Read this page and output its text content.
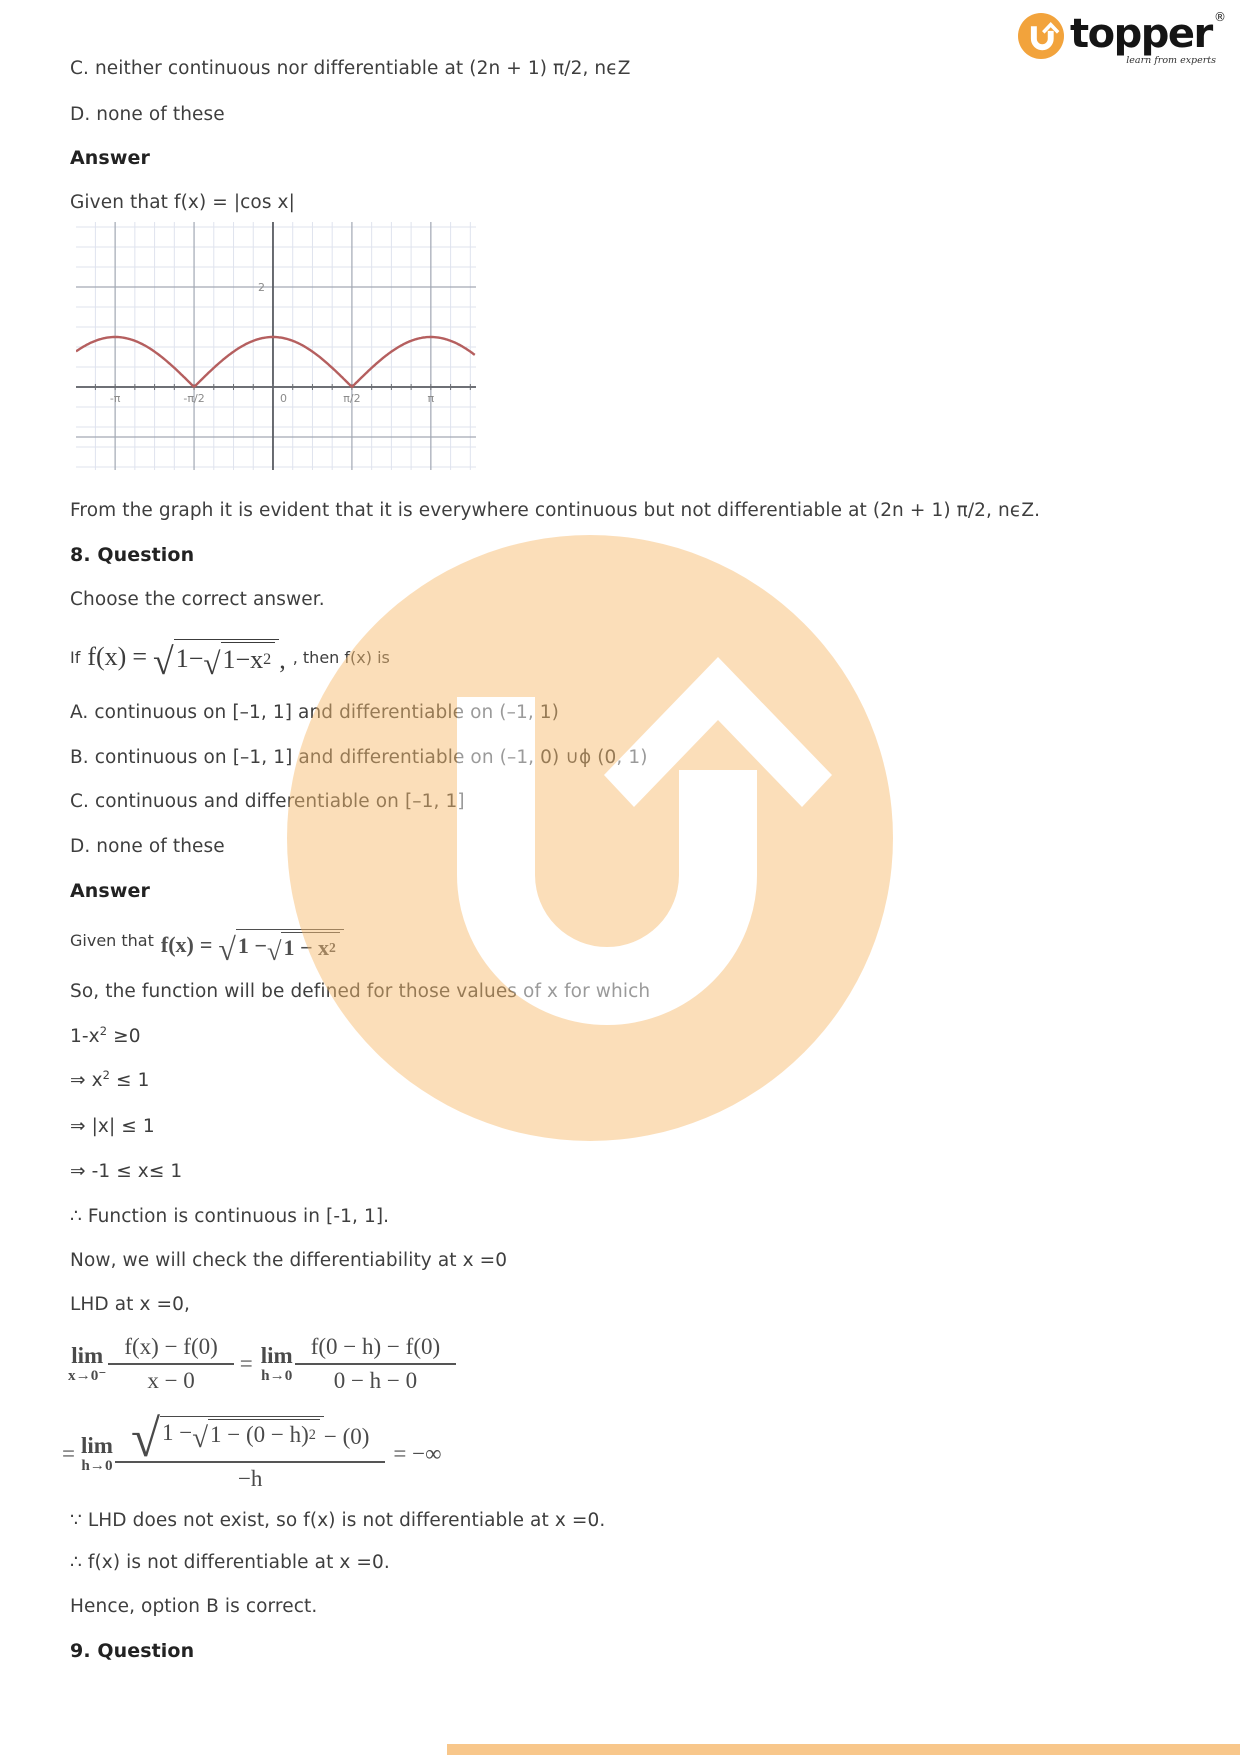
topper ®
learn from experts
C. neither continuous nor differentiable at (2n + 1) π/2, nϵZ
D. none of these
Answer
Given that f(x) = |cos x|
-π	-π/2	0	π/2	π
2
From the graph it is evident that it is everywhere continuous but not differentiable at (2n + 1) π/2, nϵZ.
8. Question
Choose the correct answer.
If f(x) = √ 1− √ 1−x 2 , , then f(x) is
A. continuous on [–1, 1] and differentiable on (–1, 1)
B. continuous on [–1, 1] and differentiable on (–1, 0) ∪ϕ (0, 1)
C. continuous and differentiable on [–1, 1]
D. none of these
Answer
Given that f(x) = √ 1 − √ 1 − x 2
So, the function will be defined for those values of x for which
$1-x^2 \ge 0$
⇒ $x^2 \le 1$
⇒ |x| ≤ 1
⇒ -1 ≤ x≤ 1
∴ Function is continuous in [-1, 1].
Now, we will check the differentiability at x =0
LHD at x =0,
lim
$x\to 0^- \frac{f(x) - f(0)}{x - 0} = \lim$
$h\to 0 \frac{f(0 - h) - f(0)}{0 - h - 0}$
= lim
h→0 √ 1 − √ 1 − (0 − h) 2 − (0)
−h
= −∞
∵ LHD does not exist, so f(x) is not differentiable at x =0.
∴ f(x) is not differentiable at x =0.
Hence, option B is correct.
9. Question
